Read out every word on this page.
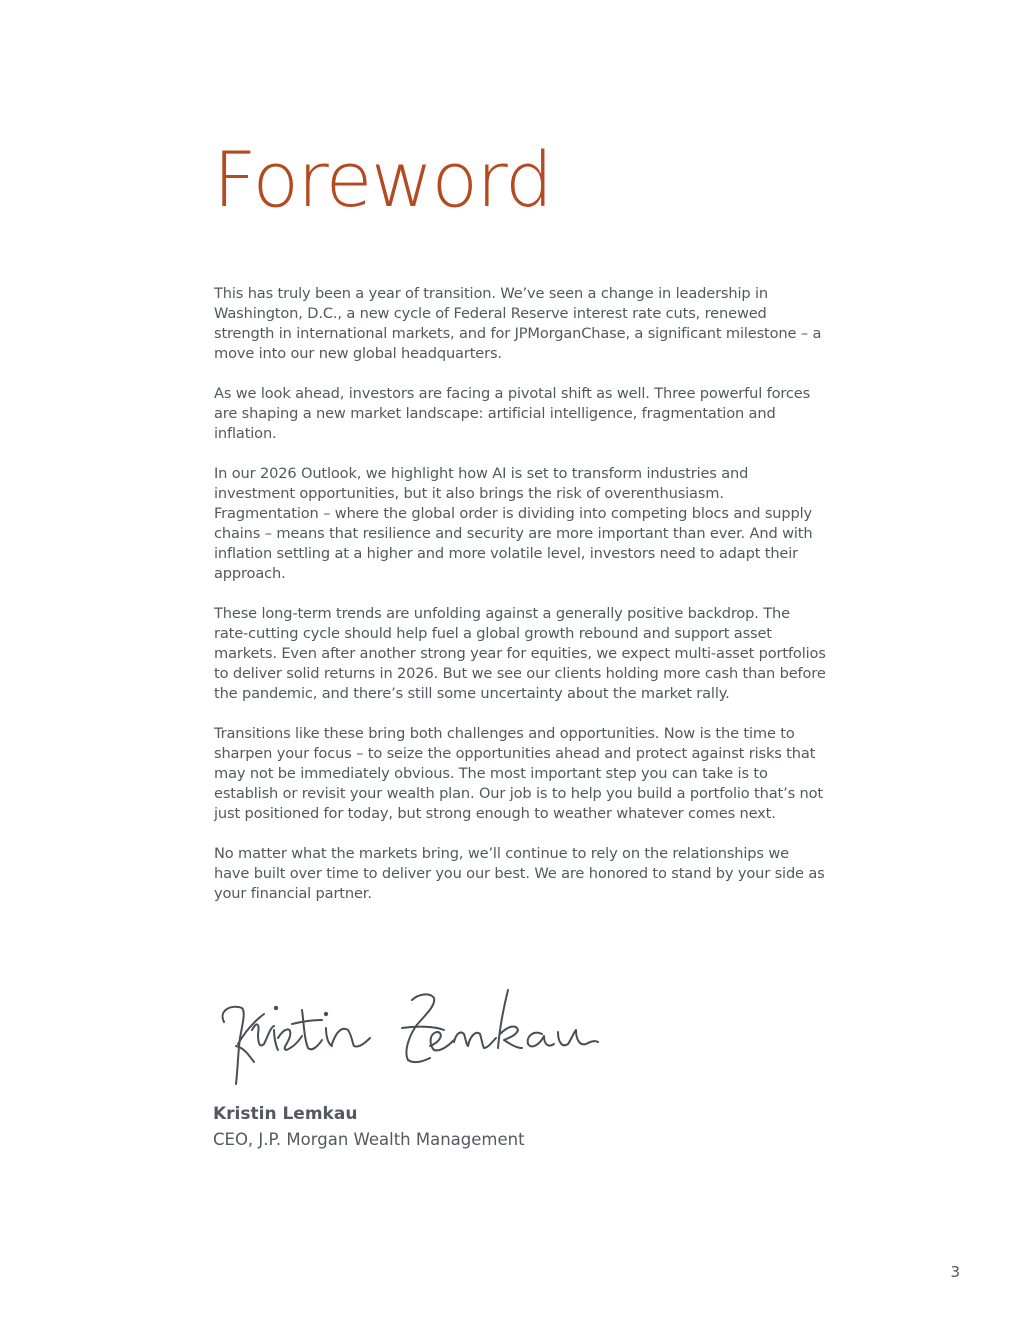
Foreword

This has truly been a year of transition. We’ve seen a change in leadership in Washington, D.C., a new cycle of Federal Reserve interest rate cuts, renewed strength in international markets, and for JPMorganChase, a significant milestone – a move into our new global headquarters.

As we look ahead, investors are facing a pivotal shift as well. Three powerful forces are shaping a new market landscape: artificial intelligence, fragmentation and inflation.

In our 2026 Outlook, we highlight how AI is set to transform industries and investment opportunities, but it also brings the risk of overenthusiasm. Fragmentation – where the global order is dividing into competing blocs and supply chains – means that resilience and security are more important than ever. And with inflation settling at a higher and more volatile level, investors need to adapt their approach.

These long-term trends are unfolding against a generally positive backdrop. The rate-cutting cycle should help fuel a global growth rebound and support asset markets. Even after another strong year for equities, we expect multi-asset portfolios to deliver solid returns in 2026. But we see our clients holding more cash than before the pandemic, and there’s still some uncertainty about the market rally.

Transitions like these bring both challenges and opportunities. Now is the time to sharpen your focus – to seize the opportunities ahead and protect against risks that may not be immediately obvious. The most important step you can take is to establish or revisit your wealth plan. Our job is to help you build a portfolio that’s not just positioned for today, but strong enough to weather whatever comes next.

No matter what the markets bring, we’ll continue to rely on the relationships we have built over time to deliver you our best. We are honored to stand by your side as your financial partner.

Kristin Lemkau

CEO, J.P. Morgan Wealth Management

3
